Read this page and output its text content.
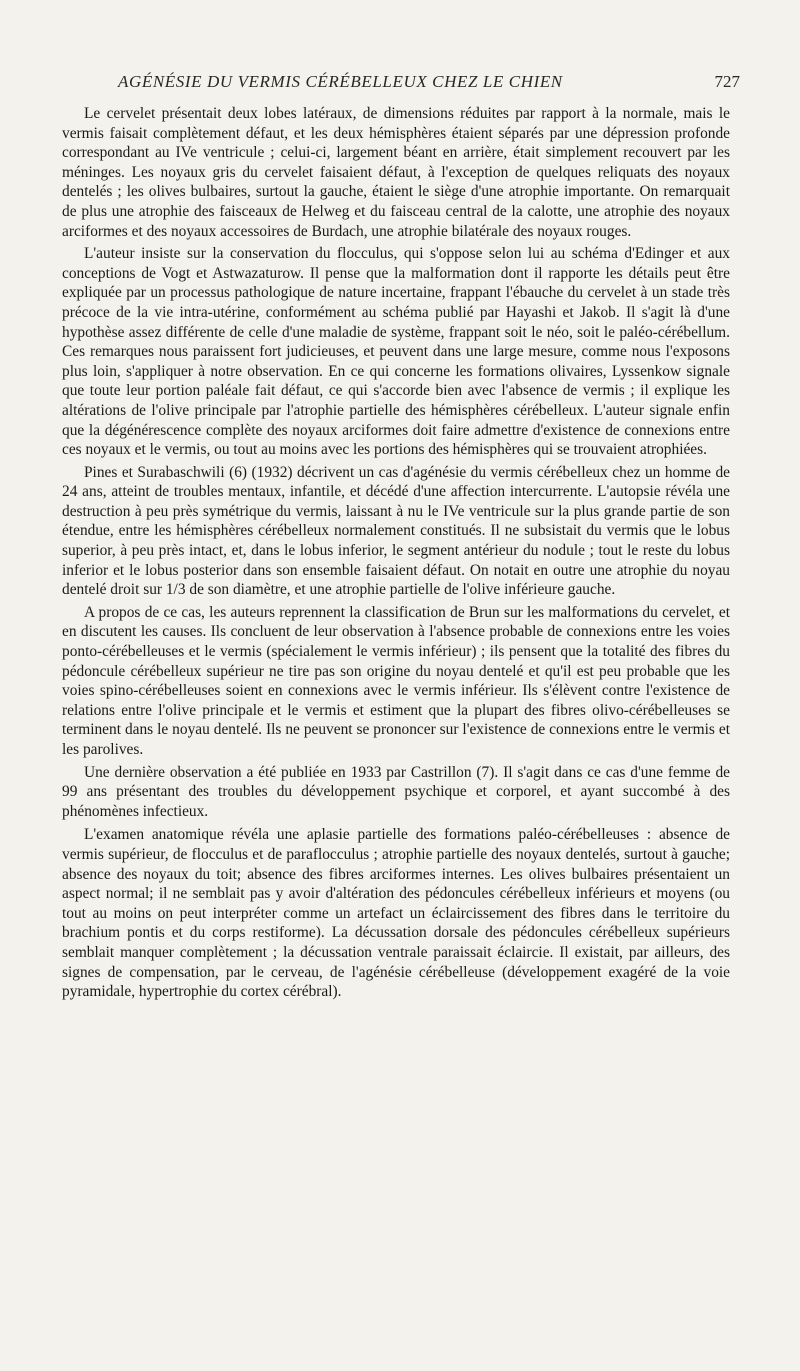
AGÉNÉSIE DU VERMIS CÉRÉBELLEUX CHEZ LE CHIEN	727

Le cervelet présentait deux lobes latéraux, de dimensions réduites par rapport à la normale, mais le vermis faisait complètement défaut, et les deux hémisphères étaient séparés par une dépression profonde correspondant au IVe ventricule ; celui-ci, largement béant en arrière, était simplement recouvert par les méninges. Les noyaux gris du cervelet faisaient défaut, à l'exception de quelques reliquats des noyaux dentelés ; les olives bulbaires, surtout la gauche, étaient le siège d'une atrophie importante. On remarquait de plus une atrophie des faisceaux de Helweg et du faisceau central de la calotte, une atrophie des noyaux arciformes et des noyaux accessoires de Burdach, une atrophie bilatérale des noyaux rouges.

L'auteur insiste sur la conservation du flocculus, qui s'oppose selon lui au schéma d'Edinger et aux conceptions de Vogt et Astwazaturow. Il pense que la malformation dont il rapporte les détails peut être expliquée par un processus pathologique de nature incertaine, frappant l'ébauche du cervelet à un stade très précoce de la vie intra-utérine, conformément au schéma publié par Hayashi et Jakob. Il s'agit là d'une hypothèse assez différente de celle d'une maladie de système, frappant soit le néo, soit le paléo-cérébellum. Ces remarques nous paraissent fort judicieuses, et peuvent dans une large mesure, comme nous l'exposons plus loin, s'appliquer à notre observation. En ce qui concerne les formations olivaires, Lyssenkow signale que toute leur portion paléale fait défaut, ce qui s'accorde bien avec l'absence de vermis ; il explique les altérations de l'olive principale par l'atrophie partielle des hémisphères cérébelleux. L'auteur signale enfin que la dégénérescence complète des noyaux arciformes doit faire admettre d'existence de connexions entre ces noyaux et le vermis, ou tout au moins avec les portions des hémisphères qui se trouvaient atrophiées.

Pines et Surabaschwili (6) (1932) décrivent un cas d'agénésie du vermis cérébelleux chez un homme de 24 ans, atteint de troubles mentaux, infantile, et décédé d'une affection intercurrente. L'autopsie révéla une destruction à peu près symétrique du vermis, laissant à nu le IVe ventricule sur la plus grande partie de son étendue, entre les hémisphères cérébelleux normalement constitués. Il ne subsistait du vermis que le lobus superior, à peu près intact, et, dans le lobus inferior, le segment antérieur du nodule ; tout le reste du lobus inferior et le lobus posterior dans son ensemble faisaient défaut. On notait en outre une atrophie du noyau dentelé droit sur 1/3 de son diamètre, et une atrophie partielle de l'olive inférieure gauche.

A propos de ce cas, les auteurs reprennent la classification de Brun sur les malformations du cervelet, et en discutent les causes. Ils concluent de leur observation à l'absence probable de connexions entre les voies ponto-cérébelleuses et le vermis (spécialement le vermis inférieur) ; ils pensent que la totalité des fibres du pédoncule cérébelleux supérieur ne tire pas son origine du noyau dentelé et qu'il est peu probable que les voies spino-cérébelleuses soient en connexions avec le vermis inférieur. Ils s'élèvent contre l'existence de relations entre l'olive principale et le vermis et estiment que la plupart des fibres olivo-cérébelleuses se terminent dans le noyau dentelé. Ils ne peuvent se prononcer sur l'existence de connexions entre le vermis et les parolives.

Une dernière observation a été publiée en 1933 par Castrillon (7). Il s'agit dans ce cas d'une femme de 99 ans présentant des troubles du développement psychique et corporel, et ayant succombé à des phénomènes infectieux.

L'examen anatomique révéla une aplasie partielle des formations paléo-cérébelleuses : absence de vermis supérieur, de flocculus et de paraflocculus ; atrophie partielle des noyaux dentelés, surtout à gauche; absence des noyaux du toit; absence des fibres arciformes internes. Les olives bulbaires présentaient un aspect normal; il ne semblait pas y avoir d'altération des pédoncules cérébelleux inférieurs et moyens (ou tout au moins on peut interpréter comme un artefact un éclaircissement des fibres dans le territoire du brachium pontis et du corps restiforme). La décussation dorsale des pédoncules cérébelleux supérieurs semblait manquer complètement ; la décussation ventrale paraissait éclaircie. Il existait, par ailleurs, des signes de compensation, par le cerveau, de l'agénésie cérébelleuse (développement exagéré de la voie pyramidale, hypertrophie du cortex cérébral).
